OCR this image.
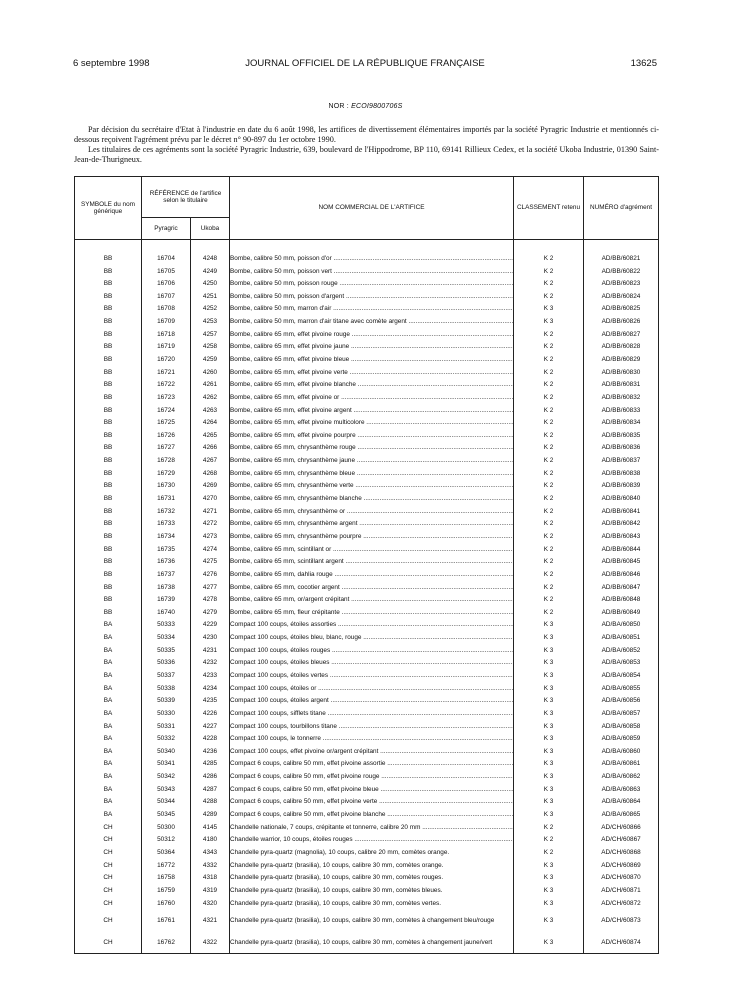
6 septembre 1998	JOURNAL OFFICIEL DE LA RÉPUBLIQUE FRANÇAISE	13625
NOR : ECOI9800706S

Par décision du secrétaire d'Etat à l'industrie en date du 6 août 1998, les artifices de divertissement élémentaires importés par la société Pyragric Industrie et mentionnés ci-dessous reçoivent l'agrément prévu par le décret n° 90-897 du 1er octobre 1990.

Les titulaires de ces agréments sont la société Pyragric Industrie, 639, boulevard de l'Hippodrome, BP 110, 69141 Rillieux Cedex, et la société Ukoba Industrie, 01390 Saint-Jean-de-Thurigneux.

SYMBOLE du nom générique	RÉFÉRENCE de l'artifice selon le titulaire		NOM COMMERCIAL DE L'ARTIFICE	CLASSEMENT retenu	NUMÉRO d'agrément
	Pyragric	Ukoba			

BB	16704	4248	Bombe, calibre 50 mm, poisson d'or .....	K 2	AD/BB/60821
BB	16705	4249	Bombe, calibre 50 mm, poisson vert .....	K 2	AD/BB/60822
BB	16706	4250	Bombe, calibre 50 mm, poisson rouge .....	K 2	AD/BB/60823
BB	16707	4251	Bombe, calibre 50 mm, poisson d'argent .....	K 2	AD/BB/60824
BB	16708	4252	Bombe, calibre 50 mm, marron d'air .....	K 3	AD/BB/60825
BB	16709	4253	Bombe, calibre 50 mm, marron d'air titane avec comète argent .....	K 3	AD/BB/60826
BB	16718	4257	Bombe, calibre 65 mm, effet pivoine rouge .....	K 2	AD/BB/60827
BB	16719	4258	Bombe, calibre 65 mm, effet pivoine jaune .....	K 2	AD/BB/60828
BB	16720	4259	Bombe, calibre 65 mm, effet pivoine bleue .....	K 2	AD/BB/60829
BB	16721	4260	Bombe, calibre 65 mm, effet pivoine verte .....	K 2	AD/BB/60830
BB	16722	4261	Bombe, calibre 65 mm, effet pivoine blanche .....	K 2	AD/BB/60831
BB	16723	4262	Bombe, calibre 65 mm, effet pivoine or .....	K 2	AD/BB/60832
BB	16724	4263	Bombe, calibre 65 mm, effet pivoine argent .....	K 2	AD/BB/60833
BB	16725	4264	Bombe, calibre 65 mm, effet pivoine multicolore .....	K 2	AD/BB/60834
BB	16726	4265	Bombe, calibre 65 mm, effet pivoine pourpre .....	K 2	AD/BB/60835
BB	16727	4266	Bombe, calibre 65 mm, chrysanthème rouge .....	K 2	AD/BB/60836
BB	16728	4267	Bombe, calibre 65 mm, chrysanthème jaune .....	K 2	AD/BB/60837
BB	16729	4268	Bombe, calibre 65 mm, chrysanthème bleue .....	K 2	AD/BB/60838
BB	16730	4269	Bombe, calibre 65 mm, chrysanthème verte .....	K 2	AD/BB/60839
BB	16731	4270	Bombe, calibre 65 mm, chrysanthème blanche .....	K 2	AD/BB/60840
BB	16732	4271	Bombe, calibre 65 mm, chrysanthème or .....	K 2	AD/BB/60841
BB	16733	4272	Bombe, calibre 65 mm, chrysanthème argent .....	K 2	AD/BB/60842
BB	16734	4273	Bombe, calibre 65 mm, chrysanthème pourpre .....	K 2	AD/BB/60843
BB	16735	4274	Bombe, calibre 65 mm, scintillant or .....	K 2	AD/BB/60844
BB	16736	4275	Bombe, calibre 65 mm, scintillant argent .....	K 2	AD/BB/60845
BB	16737	4276	Bombe, calibre 65 mm, dahlia rouge .....	K 2	AD/BB/60846
BB	16738	4277	Bombe, calibre 65 mm, cocotier argent .....	K 2	AD/BB/60847
BB	16739	4278	Bombe, calibre 65 mm, or/argent crépitant .....	K 2	AD/BB/60848
BB	16740	4279	Bombe, calibre 65 mm, fleur crépitante .....	K 2	AD/BB/60849
BA	50333	4229	Compact 100 coups, étoiles assorties .....	K 3	AD/BA/60850
BA	50334	4230	Compact 100 coups, étoiles bleu, blanc, rouge .....	K 3	AD/BA/60851
BA	50335	4231	Compact 100 coups, étoiles rouges .....	K 3	AD/BA/60852
BA	50336	4232	Compact 100 coups, étoiles bleues .....	K 3	AD/BA/60853
BA	50337	4233	Compact 100 coups, étoiles vertes .....	K 3	AD/BA/60854
BA	50338	4234	Compact 100 coups, étoiles or .....	K 3	AD/BA/60855
BA	50339	4235	Compact 100 coups, étoiles argent .....	K 3	AD/BA/60856
BA	50330	4226	Compact 100 coups, sifflets titane .....	K 3	AD/BA/60857
BA	50331	4227	Compact 100 coups, tourbillons titane .....	K 3	AD/BA/60858
BA	50332	4228	Compact 100 coups, le tonnerre .....	K 3	AD/BA/60859
BA	50340	4236	Compact 100 coups, effet pivoine or/argent crépitant .....	K 3	AD/BA/60860
BA	50341	4285	Compact 6 coups, calibre 50 mm, effet pivoine assortie .....	K 3	AD/BA/60861
BA	50342	4286	Compact 6 coups, calibre 50 mm, effet pivoine rouge .....	K 3	AD/BA/60862
BA	50343	4287	Compact 6 coups, calibre 50 mm, effet pivoine bleue .....	K 3	AD/BA/60863
BA	50344	4288	Compact 6 coups, calibre 50 mm, effet pivoine verte .....	K 3	AD/BA/60864
BA	50345	4289	Compact 6 coups, calibre 50 mm, effet pivoine blanche .....	K 3	AD/BA/60865
CH	50300	4145	Chandelle nationale, 7 coups, crépitante et tonnerre, calibre 20 mm .....	K 2	AD/CH/60866
CH	50312	4180	Chandelle warrior, 10 coups, étoiles rouges .....	K 2	AD/CH/60867
CH	50364	4343	Chandelle pyra-quartz (magnolia), 10 coups, calibre 20 mm, comètes orange.	K 2	AD/CH/60868
CH	16772	4332	Chandelle pyra-quartz (brasilia), 10 coups, calibre 30 mm, comètes orange.	K 3	AD/CH/60869
CH	16758	4318	Chandelle pyra-quartz (brasilia), 10 coups, calibre 30 mm, comètes rouges.	K 3	AD/CH/60870
CH	16759	4319	Chandelle pyra-quartz (brasilia), 10 coups, calibre 30 mm, comètes bleues.	K 3	AD/CH/60871
CH	16760	4320	Chandelle pyra-quartz (brasilia), 10 coups, calibre 30 mm, comètes vertes.	K 3	AD/CH/60872
CH	16761	4321	Chandelle pyra-quartz (brasilia), 10 coups, calibre 30 mm, comètes à changement bleu/rouge	K 3	AD/CH/60873
CH	16762	4322	Chandelle pyra-quartz (brasilia), 10 coups, calibre 30 mm, comètes à changement jaune/vert	K 3	AD/CH/60874
